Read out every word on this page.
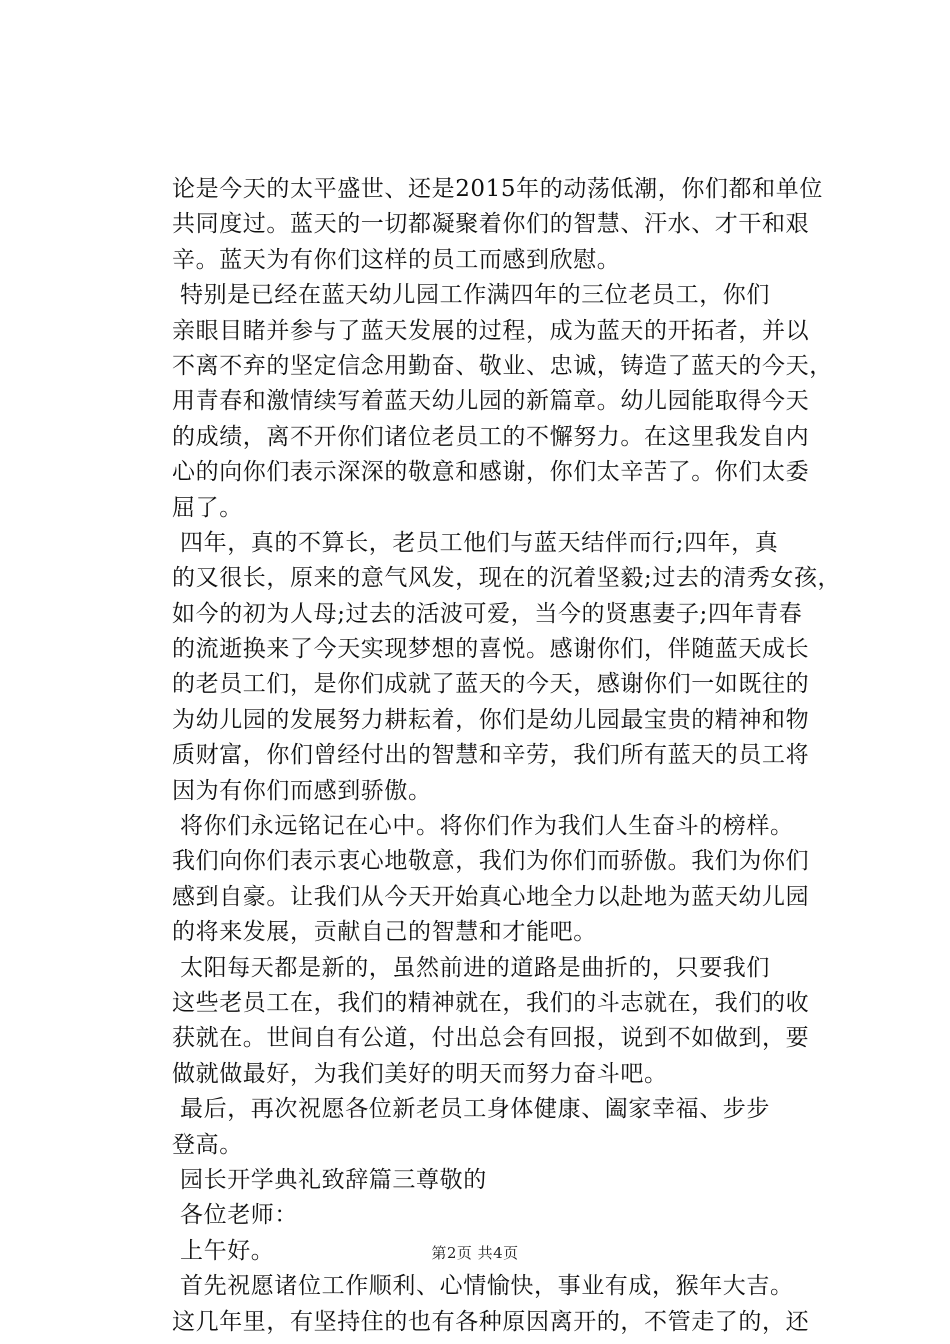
论是今天的太平盛世、还是2015年的动荡低潮，你们都和单位
共同度过。蓝天的一切都凝聚着你们的智慧、汗水、才干和艰
辛。蓝天为有你们这样的员工而感到欣慰。
特别是已经在蓝天幼儿园工作满四年的三位老员工，你们
亲眼目睹并参与了蓝天发展的过程，成为蓝天的开拓者，并以
不离不弃的坚定信念用勤奋、敬业、忠诚，铸造了蓝天的今天，
用青春和激情续写着蓝天幼儿园的新篇章。幼儿园能取得今天
的成绩，离不开你们诸位老员工的不懈努力。在这里我发自内
心的向你们表示深深的敬意和感谢，你们太辛苦了。你们太委
屈了。
四年，真的不算长，老员工他们与蓝天结伴而行;四年，真
的又很长，原来的意气风发，现在的沉着坚毅;过去的清秀女孩，
如今的初为人母;过去的活波可爱，当今的贤惠妻子;四年青春
的流逝换来了今天实现梦想的喜悦。感谢你们，伴随蓝天成长
的老员工们，是你们成就了蓝天的今天，感谢你们一如既往的
为幼儿园的发展努力耕耘着，你们是幼儿园最宝贵的精神和物
质财富，你们曾经付出的智慧和辛劳，我们所有蓝天的员工将
因为有你们而感到骄傲。
将你们永远铭记在心中。将你们作为我们人生奋斗的榜样。
我们向你们表示衷心地敬意，我们为你们而骄傲。我们为你们
感到自豪。让我们从今天开始真心地全力以赴地为蓝天幼儿园
的将来发展，贡献自己的智慧和才能吧。
太阳每天都是新的，虽然前进的道路是曲折的，只要我们
这些老员工在，我们的精神就在，我们的斗志就在，我们的收
获就在。世间自有公道，付出总会有回报，说到不如做到，要
做就做最好，为我们美好的明天而努力奋斗吧。
最后，再次祝愿各位新老员工身体健康、阖家幸福、步步
登高。
园长开学典礼致辞篇三尊敬的
各位老师：
上午好。
首先祝愿诸位工作顺利、心情愉快，事业有成，猴年大吉。
这几年里，有坚持住的也有各种原因离开的，不管走了的，还
第2页 共4页
